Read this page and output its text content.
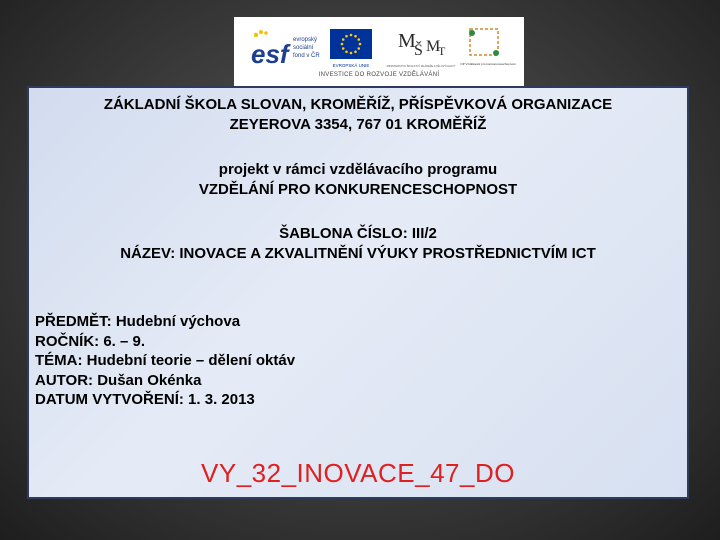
esf evropský
sociální
fond v ČR
EVROPSKÁ UNIE
M
Š M
T
MINISTERSTVO ŠKOLSTVÍ, MLÁDEŽE A TĚLOVÝCHOVY
OP Vzdělávání pro konkurenceschopnost
INVESTICE DO ROZVOJE VZDĚLÁVÁNÍ
ZÁKLADNÍ ŠKOLA SLOVAN, KROMĚŘÍŽ, PŘÍSPĚVKOVÁ ORGANIZACE
ZEYEROVA 3354, 767 01 KROMĚŘÍŽ
projekt v rámci vzdělávacího programu
VZDĚLÁNÍ PRO KONKURENCESCHOPNOST
ŠABLONA ČÍSLO: III/2
NÁZEV: INOVACE A ZKVALITNĚNÍ VÝUKY PROSTŘEDNICTVÍM ICT
PŘEDMĚT: Hudební výchova
ROČNÍK: 6. – 9.
TÉMA: Hudební teorie – dělení oktáv
AUTOR: Dušan Okénka
DATUM VYTVOŘENÍ: 1. 3. 2013
VY_32_INOVACE_47_DO
